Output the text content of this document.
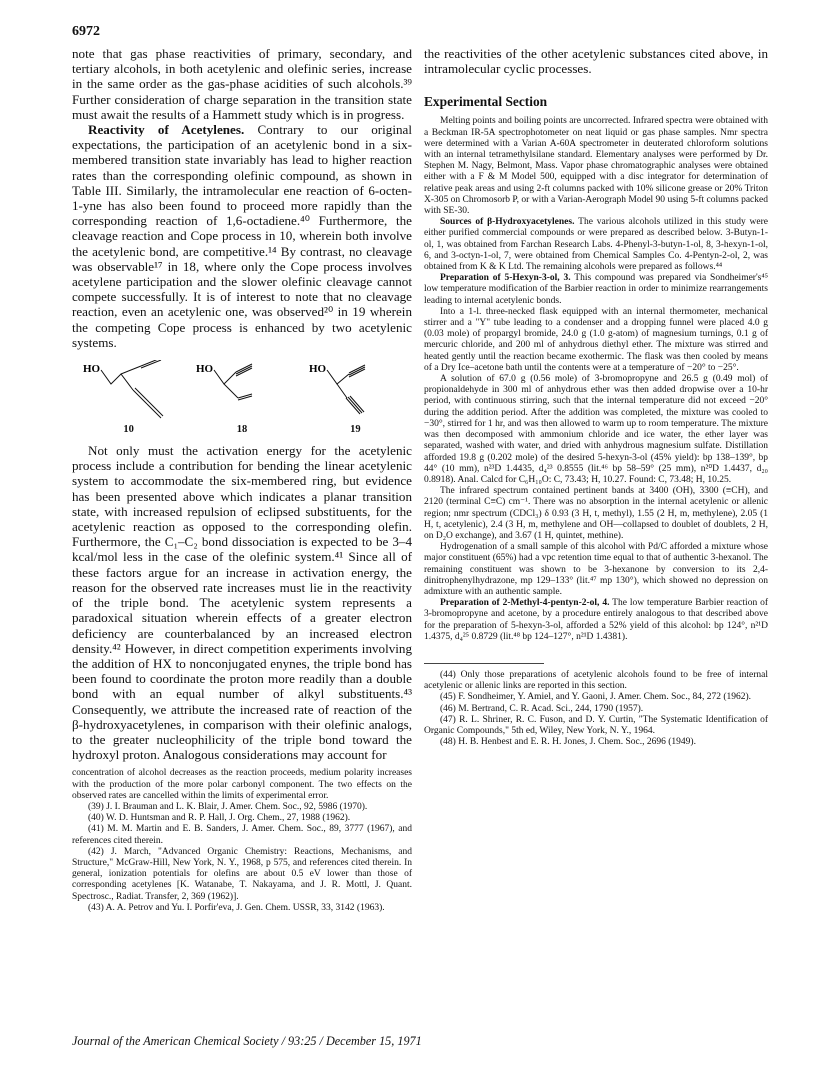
6972

note that gas phase reactivities of primary, secondary, and tertiary alcohols, in both acetylenic and olefinic series, increase in the same order as the gas-phase acidities of such alcohols.³⁹ Further consideration of charge separation in the transition state must await the results of a Hammett study which is in progress.

Reactivity of Acetylenes. Contrary to our original expectations, the participation of an acetylenic bond in a six-membered transition state invariably has lead to higher reaction rates than the corresponding olefinic compound, as shown in Table III. Similarly, the intramolecular ene reaction of 6-octen-1-yne has also been found to proceed more rapidly than the corresponding reaction of 1,6-octadiene.⁴⁰ Furthermore, the cleavage reaction and Cope process in 10, wherein both involve the acetylenic bond, are competitive.¹⁴ By contrast, no cleavage was observable¹⁷ in 18, where only the Cope process involves acetylene participation and the slower olefinic cleavage cannot compete successfully. It is of interest to note that no cleavage reaction, even an acetylenic one, was observed²⁰ in 19 wherein the competing Cope process is enhanced by two acetylenic systems.

HO
10
HO
18
HO
19

Not only must the activation energy for the acetylenic process include a contribution for bending the linear acetylenic system to accommodate the six-membered ring, but evidence has been presented above which indicates a planar transition state, with increased repulsion of eclipsed substituents, for the acetylenic reaction as opposed to the corresponding olefin. Furthermore, the C₁–C₂ bond dissociation is expected to be 3–4 kcal/mol less in the case of the olefinic system.⁴¹ Since all of these factors argue for an increase in activation energy, the reason for the observed rate increases must lie in the reactivity of the triple bond. The acetylenic system represents a paradoxical situation wherein effects of a greater electron deficiency are counterbalanced by an increased electron density.⁴² However, in direct competition experiments involving the addition of HX to nonconjugated enynes, the triple bond has been found to coordinate the proton more readily than a double bond with an equal number of alkyl substituents.⁴³ Consequently, we attribute the increased rate of reaction of the β-hydroxyacetylenes, in comparison with their olefinic analogs, to the greater nucleophilicity of the triple bond toward the hydroxyl proton. Analogous considerations may account for

concentration of alcohol decreases as the reaction proceeds, medium polarity increases with the production of the more polar carbonyl component. The two effects on the observed rates are cancelled within the limits of experimental error.

(39) J. I. Brauman and L. K. Blair, J. Amer. Chem. Soc., 92, 5986 (1970).

(40) W. D. Huntsman and R. P. Hall, J. Org. Chem., 27, 1988 (1962).

(41) M. M. Martin and E. B. Sanders, J. Amer. Chem. Soc., 89, 3777 (1967), and references cited therein.

(42) J. March, "Advanced Organic Chemistry: Reactions, Mechanisms, and Structure," McGraw-Hill, New York, N. Y., 1968, p 575, and references cited therein. In general, ionization potentials for olefins are about 0.5 eV lower than those of corresponding acetylenes [K. Watanabe, T. Nakayama, and J. R. Mottl, J. Quant. Spectrosc., Radiat. Transfer, 2, 369 (1962)].

(43) A. A. Petrov and Yu. I. Porfir'eva, J. Gen. Chem. USSR, 33, 3142 (1963).

the reactivities of the other acetylenic substances cited above, in intramolecular cyclic processes.

Experimental Section

Melting points and boiling points are uncorrected. Infrared spectra were obtained with a Beckman IR-5A spectrophotometer on neat liquid or gas phase samples. Nmr spectra were determined with a Varian A-60A spectrometer in deuterated chloroform solutions with an internal tetramethylsilane standard. Elementary analyses were performed by Dr. Stephen M. Nagy, Belmont, Mass. Vapor phase chromatographic analyses were obtained either with a F & M Model 500, equipped with a disc integrator for determination of relative peak areas and using 2-ft columns packed with 10% silicone grease or 20% Triton X-305 on Chromosorb P, or with a Varian-Aerograph Model 90 using 5-ft columns packed with SE-30.

Sources of β-Hydroxyacetylenes. The various alcohols utilized in this study were either purified commercial compounds or were prepared as described below. 3-Butyn-1-ol, 1, was obtained from Farchan Research Labs. 4-Phenyl-3-butyn-1-ol, 8, 3-hexyn-1-ol, 6, and 3-octyn-1-ol, 7, were obtained from Chemical Samples Co. 4-Pentyn-2-ol, 2, was obtained from K & K Ltd. The remaining alcohols were prepared as follows.⁴⁴

Preparation of 5-Hexyn-3-ol, 3. This compound was prepared via Sondheimer's⁴⁵ low temperature modification of the Barbier reaction in order to minimize rearrangements leading to internal acetylenic bonds.

Into a 1-l. three-necked flask equipped with an internal thermometer, mechanical stirrer and a "Y" tube leading to a condenser and a dropping funnel were placed 4.0 g (0.03 mole) of propargyl bromide, 24.0 g (1.0 g-atom) of magnesium turnings, 0.1 g of mercuric chloride, and 200 ml of anhydrous diethyl ether. The mixture was stirred and heated gently until the reaction became exothermic. The flask was then cooled by means of a Dry Ice–acetone bath until the contents were at a temperature of −20° to −25°.

A solution of 67.0 g (0.56 mole) of 3-bromopropyne and 26.5 g (0.49 mol) of propionaldehyde in 300 ml of anhydrous ether was then added dropwise over a 10-hr period, with continuous stirring, such that the internal temperature did not exceed −20° during the addition period. After the addition was completed, the mixture was cooled to −30°, stirred for 1 hr, and was then allowed to warm up to room temperature. The mixture was then decomposed with ammonium chloride and ice water, the ether layer was separated, washed with water, and dried with anhydrous magnesium sulfate. Distillation afforded 19.8 g (0.202 mole) of the desired 5-hexyn-3-ol (45% yield): bp 138–139°, bp 44° (10 mm), n²³D 1.4435, d₄²³ 0.8555 (lit.⁴⁶ bp 58–59° (25 mm), n²⁰D 1.4437, d₂₀ 0.8918). Anal. Calcd for C₆H₁₀O: C, 73.43; H, 10.27. Found: C, 73.48; H, 10.25.

The infrared spectrum contained pertinent bands at 3400 (OH), 3300 (≡CH), and 2120 (terminal C≡C) cm⁻¹. There was no absorption in the internal acetylenic or allenic region; nmr spectrum (CDCl₃) δ 0.93 (3 H, t, methyl), 1.55 (2 H, m, methylene), 2.05 (1 H, t, acetylenic), 2.4 (3 H, m, methylene and OH—collapsed to doublet of doublets, 2 H, on D₂O exchange), and 3.67 (1 H, quintet, methine).

Hydrogenation of a small sample of this alcohol with Pd/C afforded a mixture whose major constituent (65%) had a vpc retention time equal to that of authentic 3-hexanol. The remaining constituent was shown to be 3-hexanone by conversion to its 2,4-dinitrophenylhydrazone, mp 129–133° (lit.⁴⁷ mp 130°), which showed no depression on admixture with an authentic sample.

Preparation of 2-Methyl-4-pentyn-2-ol, 4. The low temperature Barbier reaction of 3-bromopropyne and acetone, by a procedure entirely analogous to that described above for the preparation of 5-hexyn-3-ol, afforded a 52% yield of this alcohol: bp 124°, n²¹D 1.4375, d₄²⁵ 0.8729 (lit.⁴⁸ bp 124–127°, n²¹D 1.4381).

(44) Only those preparations of acetylenic alcohols found to be free of internal acetylenic or allenic links are reported in this section.

(45) F. Sondheimer, Y. Amiel, and Y. Gaoni, J. Amer. Chem. Soc., 84, 272 (1962).

(46) M. Bertrand, C. R. Acad. Sci., 244, 1790 (1957).

(47) R. L. Shriner, R. C. Fuson, and D. Y. Curtin, "The Systematic Identification of Organic Compounds," 5th ed, Wiley, New York, N. Y., 1964.

(48) H. B. Henbest and E. R. H. Jones, J. Chem. Soc., 2696 (1949).

Journal of the American Chemical Society / 93:25 / December 15, 1971
